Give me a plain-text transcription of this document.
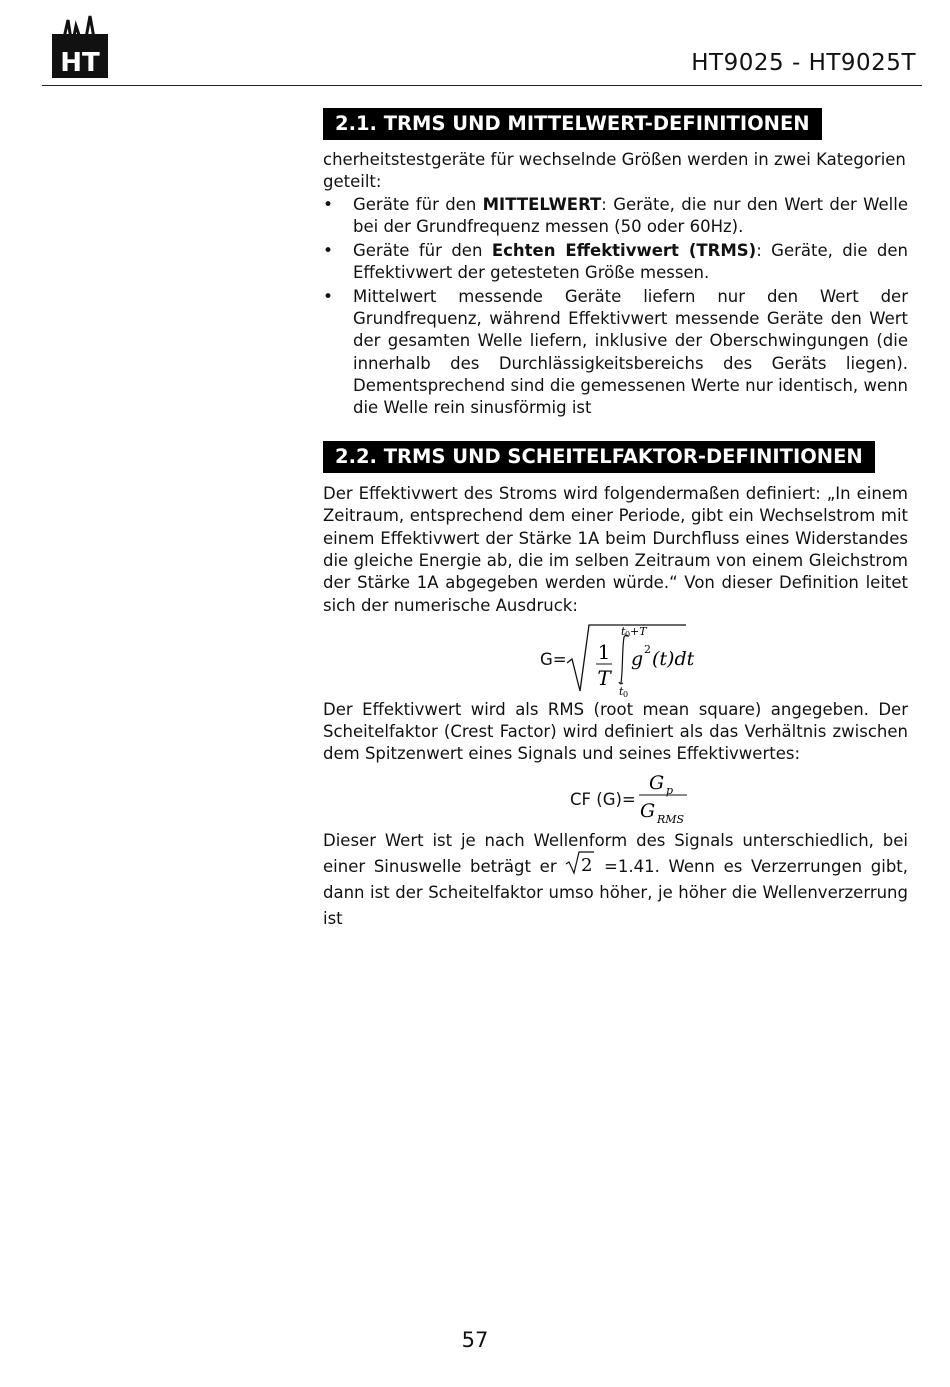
HT	HT9025 - HT9025T
2.1. TRMS UND MITTELWERT-DEFINITIONEN

cherheitstestgeräte für wechselnde Größen werden in zwei Kategorien geteilt:

• Geräte für den MITTELWERT: Geräte, die nur den Wert der Welle bei der Grundfrequenz messen (50 oder 60Hz).
• Geräte für den Echten Effektivwert (TRMS): Geräte, die den Effektivwert der getesteten Größe messen.
• Mittelwert messende Geräte liefern nur den Wert der Grundfrequenz, während Effektivwert messende Geräte den Wert der gesamten Welle liefern, inklusive der Oberschwingungen (die innerhalb des Durchlässigkeitsbereichs des Geräts liegen). Dementsprechend sind die gemessenen Werte nur identisch, wenn die Welle rein sinusförmig ist
2.2. TRMS UND SCHEITELFAKTOR-DEFINITIONEN

Der Effektivwert des Stroms wird folgendermaßen definiert: „In einem Zeitraum, entsprechend dem einer Periode, gibt ein Wechselstrom mit einem Effektivwert der Stärke 1A beim Durchfluss eines Widerstandes die gleiche Energie ab, die im selben Zeitraum von einem Gleichstrom der Stärke 1A abgegeben werden würde.“ Von dieser Definition leitet sich der numerische Ausdruck:

G= 1
T
t 0 +T
t 0
g 2 (t)dt

Der Effektivwert wird als RMS (root mean square) angegeben. Der Scheitelfaktor (Crest Factor) wird definiert als das Verhältnis zwischen dem Spitzenwert eines Signals und seines Effektivwertes:

CF (G)=
G p
G RMS

Dieser Wert ist je nach Wellenform des Signals unterschiedlich, bei einer Sinuswelle beträgt er 2 =1.41. Wenn es Verzerrungen gibt, dann ist der Scheitelfaktor umso höher, je höher die Wellenverzerrung ist

57
